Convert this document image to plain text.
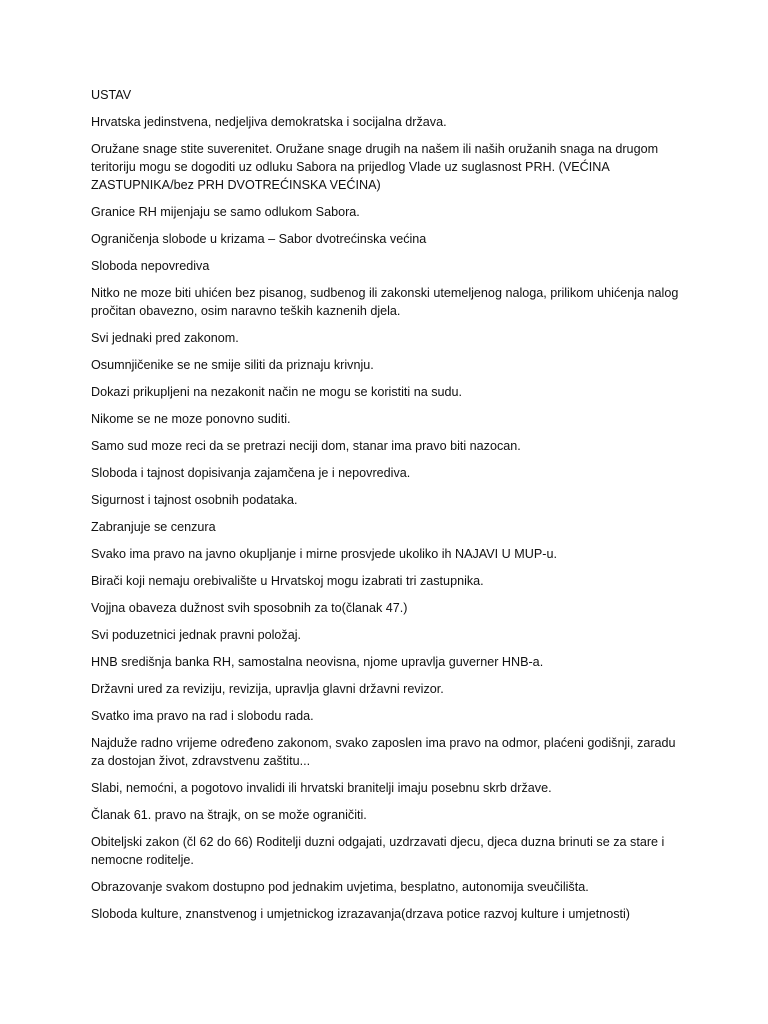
USTAV

Hrvatska jedinstvena, nedjeljiva demokratska i socijalna država.

Oružane snage stite suverenitet. Oružane snage drugih na našem ili naših oružanih snaga na drugom teritoriju mogu se dogoditi uz odluku Sabora na prijedlog Vlade uz suglasnost PRH. (VEĆINA ZASTUPNIKA/bez PRH DVOTREĆINSKA VEĆINA)

Granice RH mijenjaju se samo odlukom Sabora.

Ograničenja slobode u krizama – Sabor dvotrećinska većina

Sloboda nepovrediva

Nitko ne moze biti uhićen bez pisanog, sudbenog ili zakonski utemeljenog naloga, prilikom uhićenja nalog pročitan obavezno, osim naravno teških kaznenih djela.

Svi jednaki pred zakonom.

Osumnjičenike se ne smije siliti da priznaju krivnju.

Dokazi prikupljeni na nezakonit način ne mogu se koristiti na sudu.

Nikome se ne moze ponovno suditi.

Samo sud moze reci da se pretrazi neciji dom, stanar ima pravo biti nazocan.

Sloboda i tajnost dopisivanja zajamčena je i nepovrediva.

Sigurnost i tajnost osobnih podataka.

Zabranjuje se cenzura

Svako ima pravo na javno okupljanje i mirne prosvjede ukoliko ih NAJAVI U MUP-u.

Birači koji nemaju orebivalište u Hrvatskoj mogu izabrati tri zastupnika.

Vojjna obaveza dužnost svih sposobnih za to(članak 47.)

Svi poduzetnici jednak pravni položaj.

HNB središnja banka RH, samostalna neovisna, njome upravlja guverner HNB-a.

Državni ured za reviziju, revizija, upravlja glavni državni revizor.

Svatko ima pravo na rad i slobodu rada.

Najduže radno vrijeme određeno zakonom, svako zaposlen ima pravo na odmor, plaćeni godišnji, zaradu za dostojan život, zdravstvenu zaštitu...

Slabi, nemoćni, a pogotovo invalidi ili hrvatski branitelji imaju posebnu skrb države.

Članak 61. pravo na štrajk, on se može ograničiti.

Obiteljski zakon (čl 62 do 66) Roditelji duzni odgajati, uzdrzavati djecu, djeca duzna brinuti se za stare i nemocne roditelje.

Obrazovanje svakom dostupno pod jednakim uvjetima, besplatno, autonomija sveučilišta.

Sloboda kulture, znanstvenog i umjetnickog izrazavanja(drzava potice razvoj kulture i umjetnosti)
